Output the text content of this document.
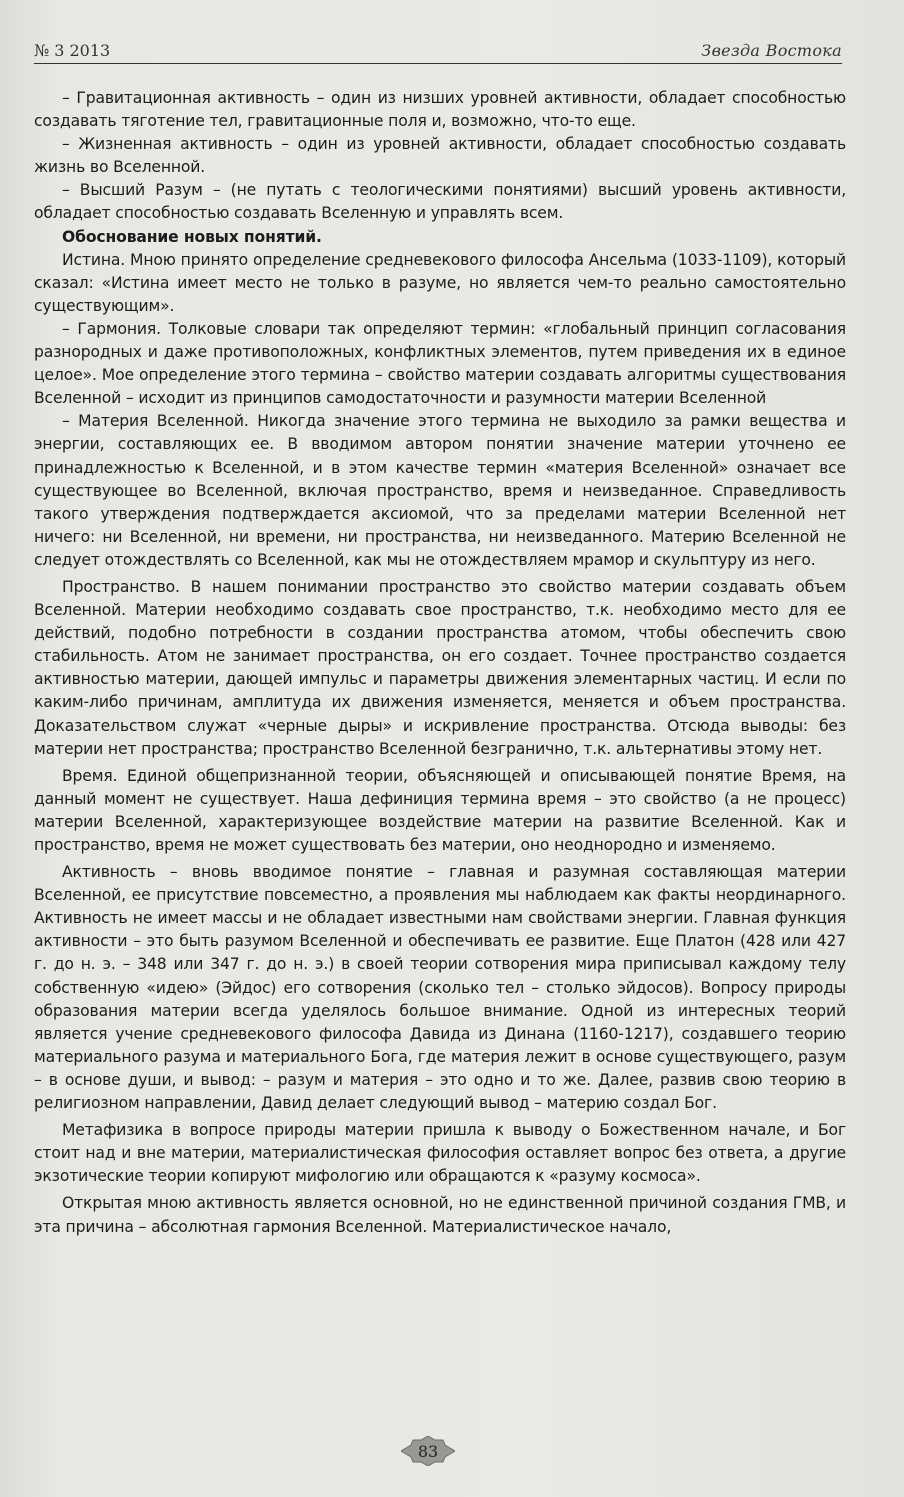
№ 3 2013	Звезда Востока

– Гравитационная активность – один из низших уровней активности, обладает способностью создавать тяготение тел, гравитационные поля и, возможно, что-то еще.

– Жизненная активность – один из уровней активности, обладает способностью создавать жизнь во Вселенной.

– Высший Разум – (не путать с теологическими понятиями) высший уровень активности, обладает способностью создавать Вселенную и управлять всем.

Обоснование новых понятий.

Истина. Мною принято определение средневекового философа Ансельма (1033-1109), который сказал: «Истина имеет место не только в разуме, но является чем-то реально самостоятельно существующим».

– Гармония. Толковые словари так определяют термин: «глобальный принцип согласования разнородных и даже противоположных, конфликтных элементов, путем приведения их в единое целое». Мое определение этого термина – свойство материи создавать алгоритмы существования Вселенной – исходит из принципов самодостаточности и разумности материи Вселенной

– Материя Вселенной. Никогда значение этого термина не выходило за рамки вещества и энергии, составляющих ее. В вводимом автором понятии значение материи уточнено ее принадлежностью к Вселенной, и в этом качестве термин «материя Вселенной» означает все существующее во Вселенной, включая пространство, время и неизведанное. Справедливость такого утверждения подтверждается аксиомой, что за пределами материи Вселенной нет ничего: ни Вселенной, ни времени, ни пространства, ни неизведанного. Материю Вселенной не следует отождествлять со Вселенной, как мы не отождествляем мрамор и скульптуру из него.

Пространство. В нашем понимании пространство это свойство материи создавать объем Вселенной. Материи необходимо создавать свое пространство, т.к. необходимо место для ее действий, подобно потребности в создании пространства атомом, чтобы обеспечить свою стабильность. Атом не занимает пространства, он его создает. Точнее пространство создается активностью материи, дающей импульс и параметры движения элементарных частиц. И если по каким-либо причинам, амплитуда их движения изменяется, меняется и объем пространства. Доказательством служат «черные дыры» и искривление пространства. Отсюда выводы: без материи нет пространства; пространство Вселенной безгранично, т.к. альтернативы этому нет.

Время. Единой общепризнанной теории, объясняющей и описывающей понятие Время, на данный момент не существует. Наша дефиниция термина время – это свойство (а не процесс) материи Вселенной, характеризующее воздействие материи на развитие Вселенной. Как и пространство, время не может существовать без материи, оно неоднородно и изменяемо.

Активность – вновь вводимое понятие – главная и разумная составляющая материи Вселенной, ее присутствие повсеместно, а проявления мы наблюдаем как факты неординарного. Активность не имеет массы и не обладает известными нам свойствами энергии. Главная функция активности – это быть разумом Вселенной и обеспечивать ее развитие. Еще Платон (428 или 427 г. до н. э. – 348 или 347 г. до н. э.) в своей теории сотворения мира приписывал каждому телу собственную «идею» (Эйдос) его сотворения (сколько тел – столько эйдосов). Вопросу природы образования материи всегда уделялось большое внимание. Одной из интересных теорий является учение средневекового философа Давида из Динана (1160-1217), создавшего теорию материального разума и материального Бога, где материя лежит в основе существующего, разум – в основе души, и вывод: – разум и материя – это одно и то же. Далее, развив свою теорию в религиозном направлении, Давид делает следующий вывод – материю создал Бог.

Метафизика в вопросе природы материи пришла к выводу о Божественном начале, и Бог стоит над и вне материи, материалистическая философия оставляет вопрос без ответа, а другие экзотические теории копируют мифологию или обращаются к «разуму космоса».

Открытая мною активность является основной, но не единственной причиной создания ГМВ, и эта причина – абсолютная гармония Вселенной. Материалистическое начало,

83
